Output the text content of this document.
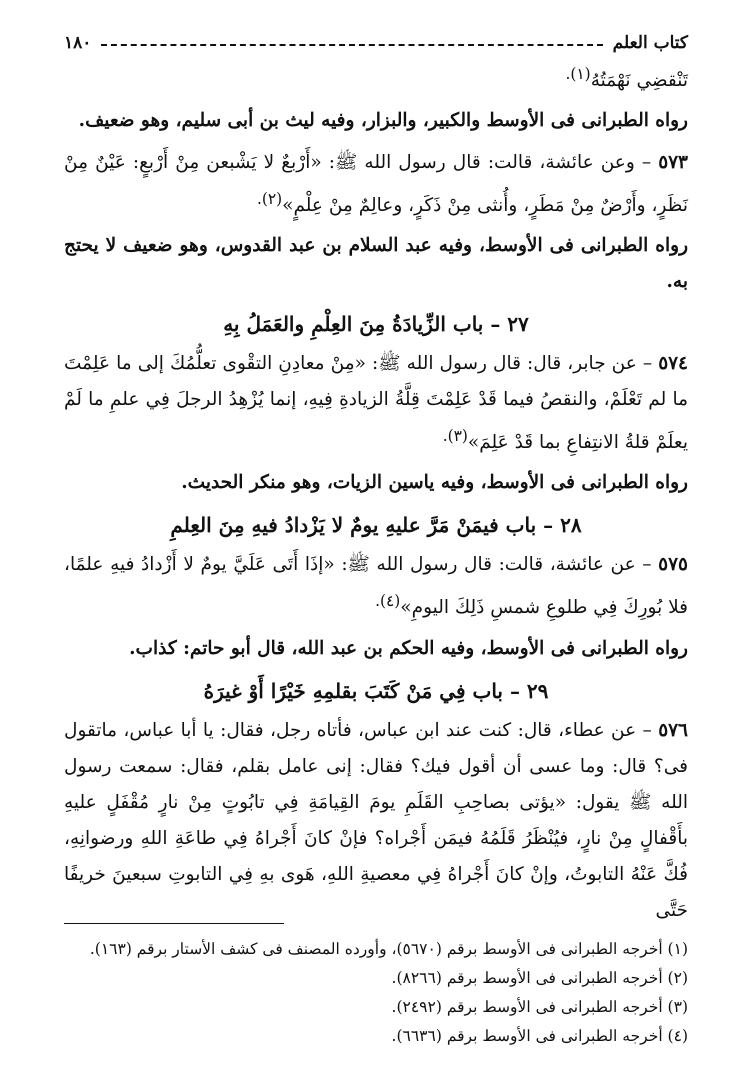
كتاب العلم
١٨٠

تَنْقضِي نَهْمَتُهُ$^{(١).}$

رواه الطبرانى فى الأوسط والكبير، والبزار، وفيه ليث بن أبى سليم، وهو ضعيف.

٥٧٣ – وعن عائشة، قالت: قال رسول الله ﷺ: «أَرْبعٌ لا يَشْبعن مِنْ أَرْبعٍ: عَيْنٌ مِنْ نَظَرٍ، وأَرْضٌ مِنْ مَطَرٍ، وأُنثى مِنْ ذَكَرٍ، وعالِمٌ مِنْ عِلْمٍ»$^{(٢).}$

رواه الطبرانى فى الأوسط، وفيه عبد السلام بن عبد القدوس، وهو ضعيف لا يحتج به.

٢٧ – باب الزِّيادَةُ مِنَ العِلْمِ والعَمَلُ بِهِ

٥٧٤ – عن جابر، قال: قال رسول الله ﷺ: «مِنْ معادِنِ التقْوى تعلُّمُكَ إلى ما عَلِمْتَ ما لم تَعْلَمْ، والنقصُ فيما قَدْ عَلِمْتَ قِلَّةُ الزيادةِ فِيهِ، إنما يُزْهِدُ الرجلَ فِي علمِ ما لَمْ يعلَمْ قلةُ الانتِفاعِ بما قَدْ عَلِمَ»$^{(٣).}$

رواه الطبرانى فى الأوسط، وفيه ياسين الزيات، وهو منكر الحديث.

٢٨ – باب فيمَنْ مَرَّ عليهِ يومٌ لا يَزْدادُ فيهِ مِنَ العِلمِ

٥٧٥ – عن عائشة، قالت: قال رسول الله ﷺ: «إذَا أَتَى عَلَيَّ يومٌ لا أَزْدادُ فيهِ علمًا، فلا بُورِكَ فِي طلوعِ شمسِ ذَلِكَ اليومِ»$^{(٤).}$

رواه الطبرانى فى الأوسط، وفيه الحكم بن عبد الله، قال أبو حاتم: كذاب.

٢٩ – باب فِي مَنْ كَتَبَ بقلمِهِ خَيْرًا أَوْ غيرَهُ

٥٧٦ – عن عطاء، قال: كنت عند ابن عباس، فأتاه رجل، فقال: يا أبا عباس، ماتقول فى؟ قال: وما عسى أن أقول فيك؟ فقال: إنى عامل بقلم، فقال: سمعت رسول الله ﷺ يقول: «يؤتى بصاحِبِ القَلَمِ يومَ القِيامَةِ فِي تابُوتٍ مِنْ نارٍ مُقْفَلٍ عليهِ بأَقْفالٍ مِنْ نارٍ، فيُنْظَرُ قَلَمُهُ فيمَن أَجْراه؟ فإنْ كانَ أَجْراهُ فِي طاعَةِ اللهِ ورضوانِهِ، فُكَّ عَنْهُ التابوتُ، وإنْ كانَ أَجْراهُ فِي معصيةِ اللهِ، هَوى بهِ فِي التابوتِ سبعينَ خريفًا حَتَّى

(١) أخرجه الطبرانى فى الأوسط برقم (٥٦٧٠)، وأورده المصنف فى كشف الأستار برقم (١٦٣).

(٢) أخرجه الطبرانى فى الأوسط برقم (٨٢٦٦).

(٣) أخرجه الطبرانى فى الأوسط برقم (٢٤٩٢).

(٤) أخرجه الطبرانى فى الأوسط برقم (٦٦٣٦).
